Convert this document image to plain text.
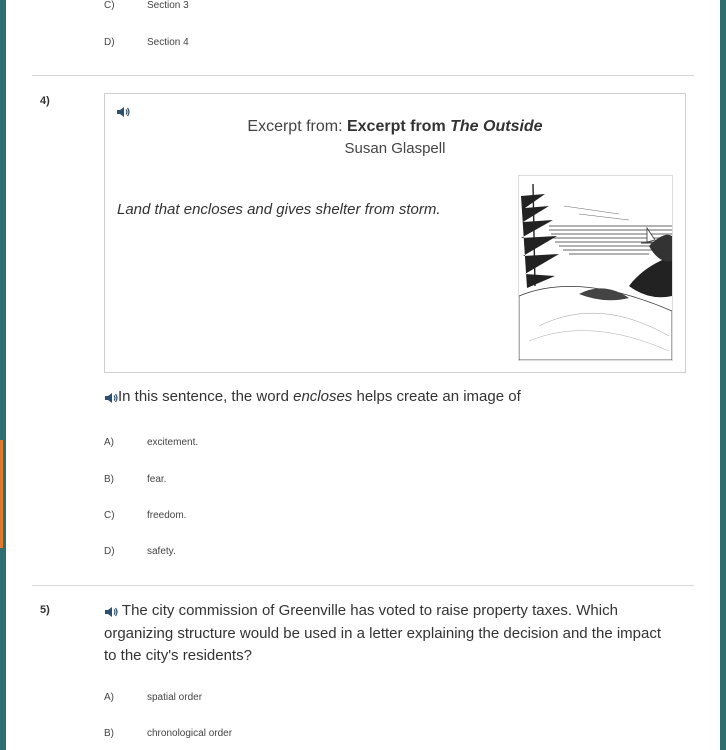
C)	Section 3
D)	Section 4
4)
Excerpt from: Excerpt from The Outside
Susan Glaspell
Land that encloses and gives shelter from storm.
In this sentence, the word encloses helps create an image of
A)	excitement.
B)	fear.
C)	freedom.
D)	safety.
5)	The city commission of Greenville has voted to raise property taxes. Which organizing structure would be used in a letter explaining the decision and the impact to the city's residents?
A)	spatial order
B)	chronological order
